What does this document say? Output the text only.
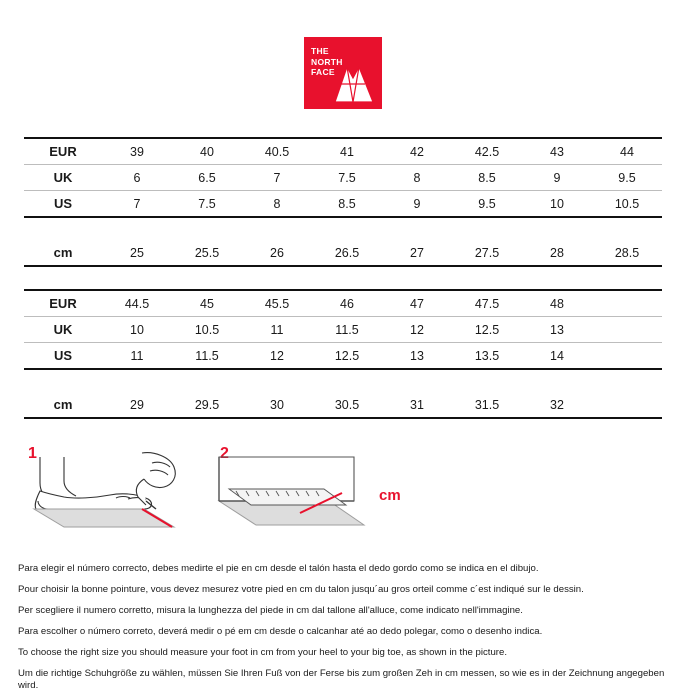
THE
NORTH
FACE
EUR	39	40	40.5	41	42	42.5	43	44
UK	6	6.5	7	7.5	8	8.5	9	9.5
US	7	7.5	8	8.5	9	9.5	10	10.5
cm	25	25.5	26	26.5	27	27.5	28	28.5
EUR	44.5	45	45.5	46	47	47.5	48	
UK	10	10.5	11	11.5	12	12.5	13	
US	11	11.5	12	12.5	13	13.5	14	
cm	29	29.5	30	30.5	31	31.5	32	
1	2
cm

Para elegir el número correcto, debes medirte el pie en cm desde el talón hasta el dedo gordo como se indica en el dibujo.

Pour choisir la bonne pointure, vous devez mesurez votre pied en cm du talon jusqu´au gros orteil comme c´est indiqué sur le dessin.

Per scegliere il numero corretto, misura la lunghezza del piede in cm dal tallone all'alluce, come indicato nell'immagine.

Para escolher o número correto, deverá medir o pé em cm desde o calcanhar até ao dedo polegar, como o desenho indica.

To choose the right size you should measure your foot in cm from your heel to your big toe, as shown in the picture.

Um die richtige Schuhgröße zu wählen, müssen Sie Ihren Fuß von der Ferse bis zum großen Zeh in cm messen, so wie es in der Zeichnung angegeben wird.
